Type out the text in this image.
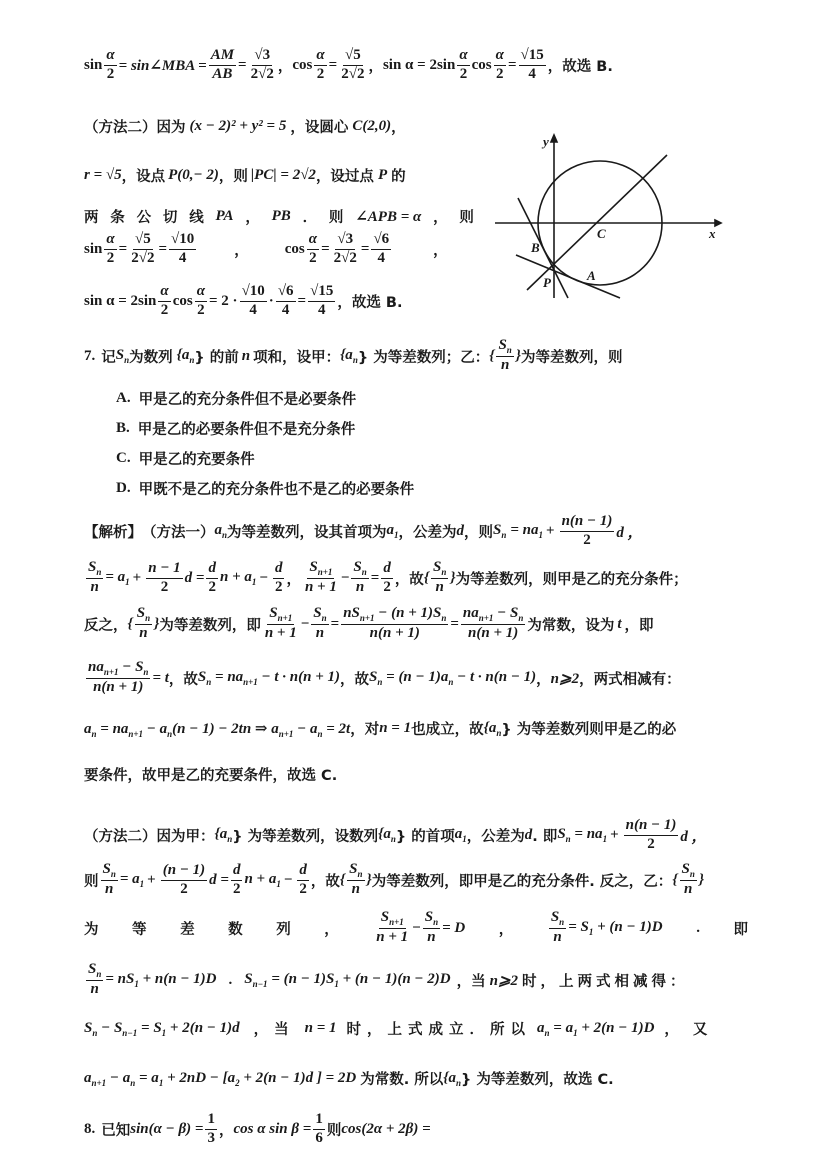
$\sin \frac{\alpha}{2}$ = sin∠MBA = $\frac{AM}{AB} = \frac{√3}{2√2}$ ， $\cos \frac{\alpha}{2} = \frac{√5}{2√2}$ ， $\sin \alpha = 2\sin \frac{\alpha}{2}$ $\cos \frac{\alpha}{2} = \frac{√15}{4}$ ，故选 B.
（方法二）因为 (x − 2)² + y² = 5 ，设圆心 C(2,0) ，
r = √5 ，设点 P(0,− 2) ，则 |PC| = 2√2 ，设过点 P 的
两 条 公 切 线 PA ， PB ． 则 ∠APB = α ， 则
$\sin \frac{\alpha}{2} = \frac{√5}{2√2} = \frac{√10}{4}$	， $\cos \frac{\alpha}{2} = \frac{√3}{2√2} = \frac{√6}{4}$	，
$\sin \alpha = 2\sin \frac{\alpha}{2}$ $\cos \frac{\alpha}{2} = 2 \cdot \frac{√10}{4} \cdot \frac{√6}{4} = \frac{√15}{4}$ ，故选 B.
y
x
C
B
A
P
7. 记 $S_n$ 为数列 {$a_n$ } 的前 n 项和，设甲： {$a_n$ } 为等差数列；乙： { $\frac{S_n}{n}$ } 为等差数列，则
A. 甲是乙的充分条件但不是必要条件
B. 甲是乙的必要条件但不是充分条件
C. 甲是乙的充要条件
D. 甲既不是乙的充分条件也不是乙的必要条件
【解析】 （方法一） $a_n$ 为等差数列，设其首项为 $a_1$ ，公差为 d ，则 $S_n = na_1 + \frac{n(n - 1)}{2}$ d ，
$\frac{S_n}{n} = a_1 + \frac{n - 1}{2}$ $d = \frac{d}{2}$ $n + a_1 - \frac{d}{2}$ ， $\frac{S_{n+1}}{n + 1} - \frac{S_n}{n} = \frac{d}{2}$ ，故 { $\frac{S_n}{n}$ } 为等差数列，则甲是乙的充分条件；
反之， { $\frac{S_n}{n}$ } 为等差数列，即 $\frac{S_{n+1}}{n + 1} - \frac{S_n}{n} = \frac{nS_{n+1} - (n + 1)S_n}{n(n + 1)} = \frac{na_{n+1} - S_n}{n(n + 1)}$ 为常数，设为 t ，即
$\frac{na_{n+1} - S_n}{n(n + 1)} = t$ ，故 $S_n = na_{n+1} - t \cdot n(n + 1)$ ，故 $S_n = (n - 1)a_n - t \cdot n(n - 1)$ ， n⩾2 ，两式相减有：
$a_n = na_{n+1} - a_n(n - 1) - 2tn$ ⇒ $a_{n+1} - a_n = 2t$ ，对 n = 1 也成立，故 {$a_n$ } 为等差数列则甲是乙的必
要条件，故甲是乙的充要条件，故选 C.
（方法二）因为甲： {$a_n$ } 为等差数列，设数列 {$a_n$ } 的首项 $a_1$ ，公差为 d . 即 $S_n = na_1 + \frac{n(n - 1)}{2}$ d ，
则 $\frac{S_n}{n} = a_1 + \frac{(n - 1)}{2}$ $d = \frac{d}{2}$ $n + a_1 - \frac{d}{2}$ ，故 { $\frac{S_n}{n}$ } 为等差数列，即甲是乙的充分条件. 反之，乙： { $\frac{S_n}{n}$ }
为 等 差 数 列 ， $\frac{S_{n+1}}{n + 1} - \frac{S_n}{n} = D$ ， $\frac{S_n}{n} = S_1 + (n - 1)D$ . 即
$\frac{S_n}{n} = nS_1 + n(n - 1)D$ . $S_{n-1} = (n - 1)S_1 + (n - 1)(n - 2)D$ ，当 n⩾2 时，上两式相减得：
$S_n - S_{n-1} = S_1 + 2(n - 1)d$ ，当 n = 1 时，上式成立．所以 $a_n = a_1 + 2(n - 1)D$ ，又
$a_{n+1} - a_n = a_1 + 2nD - [a_2 + 2(n - 1)d$ ] = 2D 为常数. 所以 {$a_n$ } 为等差数列，故选 C.
8. 已知 $\sin(\alpha - \beta) = \frac{1}{3}$ ， cos α $\sin \beta = \frac{1}{6}$ 则 cos(2α + 2β) =
